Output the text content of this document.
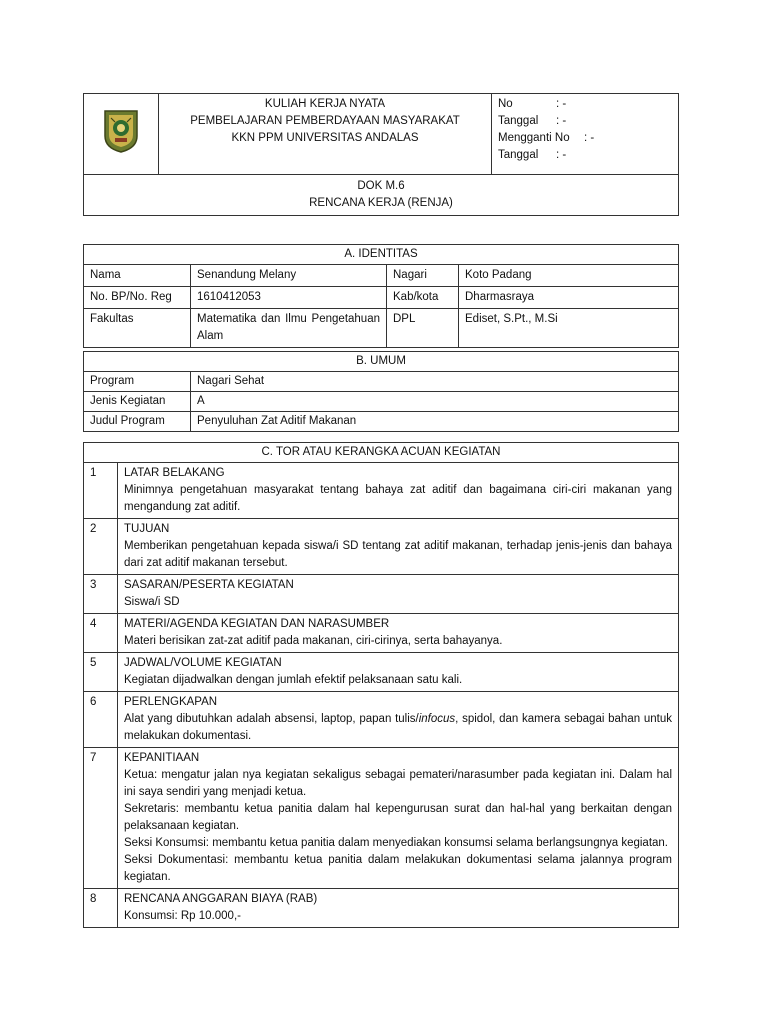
KULIAH KERJA NYATA
PEMBELAJARAN PEMBERDAYAAN MASYARAKAT
KKN PPM UNIVERSITAS ANDALAS

No	: -
Tanggal	: -
Mengganti No	: -
Tanggal	: -

DOK M.6
RENCANA KERJA (RENJA)
A. IDENTITAS			
Nama	Senandung Melany	Nagari	Koto Padang
No. BP/No. Reg	1610412053	Kab/kota	Dharmasraya
Fakultas	Matematika dan Ilmu Pengetahuan Alam	DPL	Ediset, S.Pt., M.Si
B. UMUM	
Program	Nagari Sehat
Jenis Kegiatan	A
Judul Program	Penyuluhan Zat Aditif Makanan
C. TOR ATAU KERANGKA ACUAN KEGIATAN	
1	LATAR BELAKANG
Minimnya pengetahuan masyarakat tentang bahaya zat aditif dan bagaimana ciri-ciri makanan yang mengandung zat aditif.

2	TUJUAN
Memberikan pengetahuan kepada siswa/i SD tentang zat aditif makanan, terhadap jenis-jenis dan bahaya dari zat aditif makanan tersebut.

3	SASARAN/PESERTA KEGIATAN
Siswa/i SD

4	MATERI/AGENDA KEGIATAN DAN NARASUMBER
Materi berisikan zat-zat aditif pada makanan, ciri-cirinya, serta bahayanya.

5	JADWAL/VOLUME KEGIATAN
Kegiatan dijadwalkan dengan jumlah efektif pelaksanaan satu kali.

6	PERLENGKAPAN
Alat yang dibutuhkan adalah absensi, laptop, papan tulis/infocus, spidol, dan kamera sebagai bahan untuk melakukan dokumentasi.

7	KEPANITIAAN
Ketua: mengatur jalan nya kegiatan sekaligus sebagai pemateri/narasumber pada kegiatan ini. Dalam hal ini saya sendiri yang menjadi ketua.
Sekretaris: membantu ketua panitia dalam hal kepengurusan surat dan hal-hal yang berkaitan dengan pelaksanaan kegiatan.
Seksi Konsumsi: membantu ketua panitia dalam menyediakan konsumsi selama berlangsungnya kegiatan.
Seksi Dokumentasi: membantu ketua panitia dalam melakukan dokumentasi selama jalannya program kegiatan.

8	RENCANA ANGGARAN BIAYA (RAB)
Konsumsi: Rp 10.000,-
